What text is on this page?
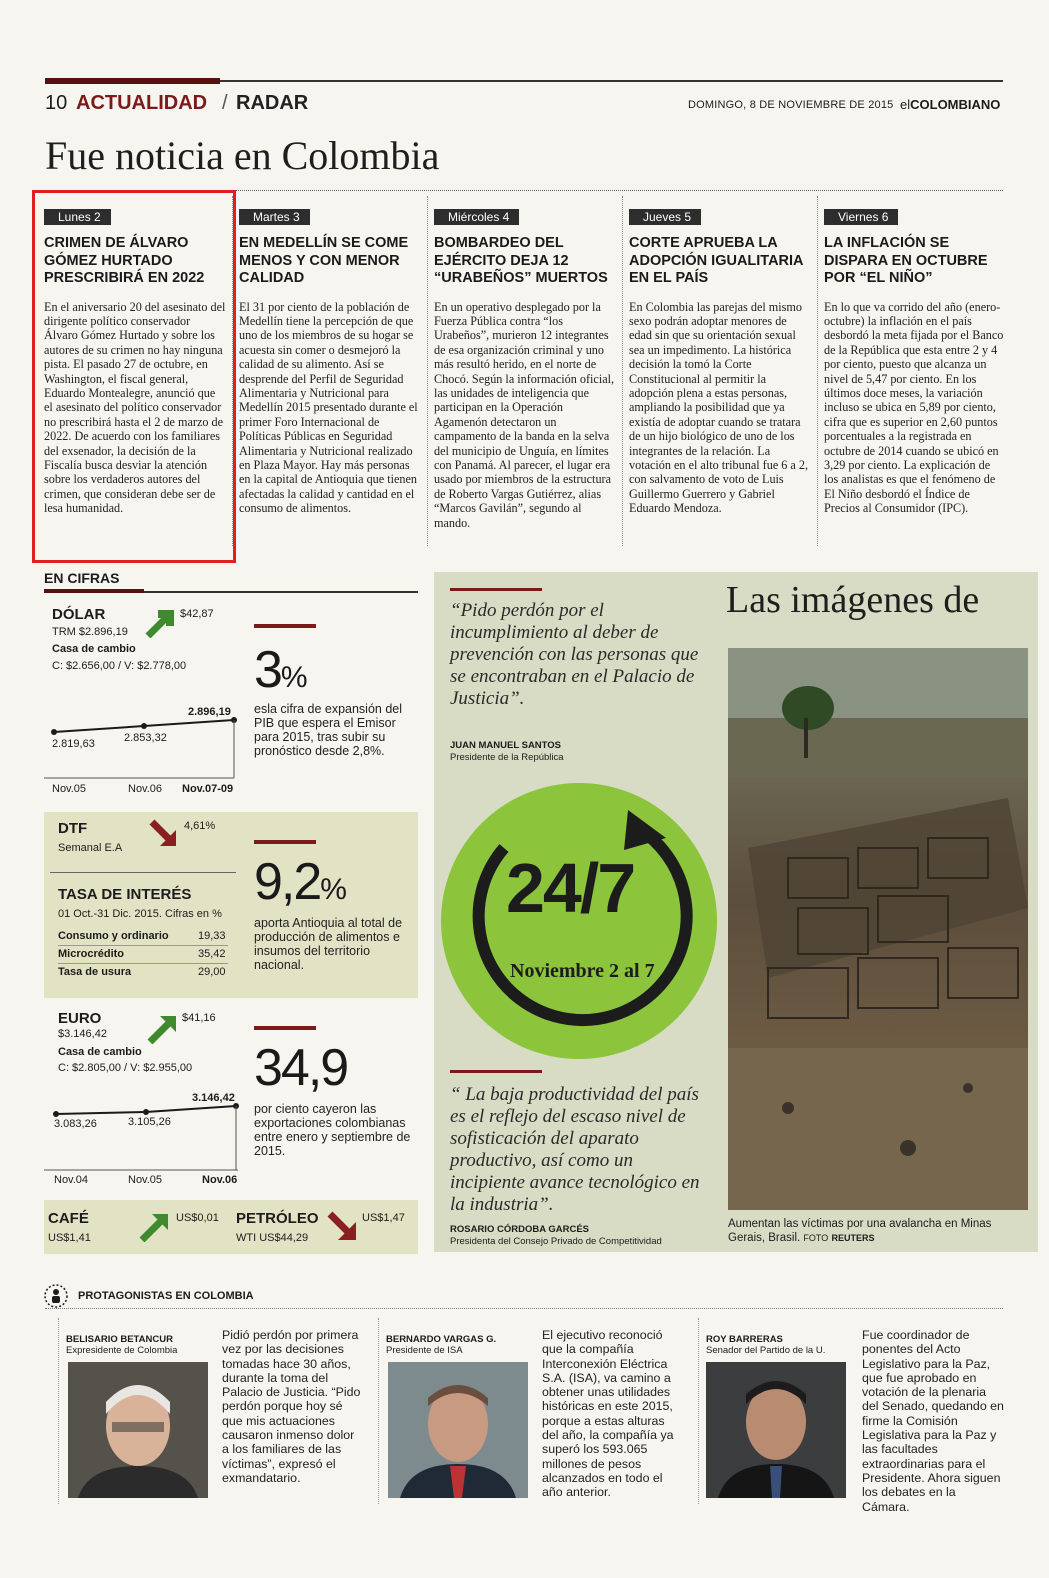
10 ACTUALIDAD / RADAR	DOMINGO, 8 DE NOVIEMBRE DE 2015 elCOLOMBIANO
Fue noticia en Colombia
Lunes 2
CRIMEN DE ÁLVARO GÓMEZ HURTADO PRESCRIBIRÁ EN 2022
En el aniversario 20 del asesinato del dirigente político conservador Álvaro Gómez Hurtado y sobre los autores de su crimen no hay ninguna pista. El pasado 27 de octubre, en Washington, el fiscal general, Eduardo Montealegre, anunció que el asesinato del político conservador no prescribirá hasta el 2 de marzo de 2022. De acuerdo con los familiares del exsenador, la decisión de la Fiscalía busca desviar la atención sobre los verdaderos autores del crimen, que consideran debe ser de lesa humanidad.
Martes 3
EN MEDELLÍN SE COME MENOS Y CON MENOR CALIDAD
El 31 por ciento de la población de Medellín tiene la percepción de que uno de los miembros de su hogar se acuesta sin comer o desmejoró la calidad de su alimento. Así se desprende del Perfil de Seguridad Alimentaria y Nutricional para Medellín 2015 presentado durante el primer Foro Internacional de Políticas Públicas en Seguridad Alimentaria y Nutricional realizado en Plaza Mayor. Hay más personas en la capital de Antioquia que tienen afectadas la calidad y cantidad en el consumo de alimentos.
Miércoles 4
BOMBARDEO DEL EJÉRCITO DEJA 12 “URABEÑOS” MUERTOS
En un operativo desplegado por la Fuerza Pública contra “los Urabeños”, murieron 12 integrantes de esa organización criminal y uno más resultó herido, en el norte de Chocó. Según la información oficial, las unidades de inteligencia que participan en la Operación Agamenón detectaron un campamento de la banda en la selva del municipio de Unguía, en límites con Panamá. Al parecer, el lugar era usado por miembros de la estructura de Roberto Vargas Gutiérrez, alias “Marcos Gavilán”, segundo al mando.
Jueves 5
CORTE APRUEBA LA ADOPCIÓN IGUALITARIA EN EL PAÍS
En Colombia las parejas del mismo sexo podrán adoptar menores de edad sin que su orientación sexual sea un impedimento. La histórica decisión la tomó la Corte Constitucional al permitir la adopción plena a estas personas, ampliando la posibilidad que ya existía de adoptar cuando se tratara de un hijo biológico de uno de los integrantes de la relación. La votación en el alto tribunal fue 6 a 2, con salvamento de voto de Luis Guillermo Guerrero y Gabriel Eduardo Mendoza.
Viernes 6
LA INFLACIÓN SE DISPARA EN OCTUBRE POR “EL NIÑO”
En lo que va corrido del año (enero-octubre) la inflación en el país desbordó la meta fijada por el Banco de la República que esta entre 2 y 4 por ciento, puesto que alcanza un nivel de 5,47 por ciento. En los últimos doce meses, la variación incluso se ubica en 5,89 por ciento, cifra que es superior en 2,60 puntos porcentuales a la registrada en octubre de 2014 cuando se ubicó en 3,29 por ciento. La explicación de los analistas es que el fenómeno de El Niño desbordó el Índice de Precios al Consumidor (IPC).
EN CIFRAS
DÓLAR	$42,87
TRM $2.896,19
Casa de cambio
C: $2.656,00 / V: $2.778,00
2.819,63	2.853,32
2.896,19
Nov.05	Nov.06 Nov.07-09
3%
esla cifra de expansión del PIB que espera el Emisor para 2015, tras subir su pronóstico desde 2,8%.
DTF
Semanal E.A
4,61%
TASA DE INTERÉS
01 Oct.-31 Dic. 2015. Cifras en %
Consumo y ordinario	19,33
Microcrédito	35,42
Tasa de usura	29,00
9,2%
aporta Antioquia al total de producción de alimentos e insumos del territorio nacional.
EURO
$3.146,42
$41,16
Casa de cambio
C: $2.805,00 / V: $2.955,00
3.083,26	3.105,26
3.146,42
Nov.04	Nov.05	Nov.06
34,9
por ciento cayeron las exportaciones colombianas entre enero y septiembre de 2015.
CAFÉ
US$1,41
US$0,01 PETRÓLEO
WTI US$44,29
US$1,47
“Pido perdón por el incumplimiento al deber de prevención con las personas que se encontraban en el Palacio de Justicia”.
JUAN MANUEL SANTOS
Presidente de la República
24/7
Noviembre 2 al 7
“ La baja productividad del país es el reflejo del escaso nivel de sofisticación del aparato productivo, así como un incipiente avance tecnológico en la industria”.
ROSARIO CÓRDOBA GARCÉS
Presidenta del Consejo Privado de Competitividad
Las imágenes de
Aumentan las víctimas por una avalancha en Minas Gerais, Brasil. FOTO REUTERS
PROTAGONISTAS EN COLOMBIA
BELISARIO BETANCUR
Expresidente de Colombia
Pidió perdón por primera vez por las decisiones tomadas hace 30 años, durante la toma del Palacio de Justicia. “Pido perdón porque hoy sé que mis actuaciones causaron inmenso dolor a los familiares de las víctimas”, expresó el exmandatario.
BERNARDO VARGAS G.
Presidente de ISA
El ejecutivo reconoció que la compañía Interconexión Eléctrica S.A. (ISA), va camino a obtener unas utilidades históricas en este 2015, porque a estas alturas del año, la compañía ya superó los 593.065 millones de pesos alcanzados en todo el año anterior.
ROY BARRERAS
Senador del Partido de la U.
Fue coordinador de ponentes del Acto Legislativo para la Paz, que fue aprobado en votación de la plenaria del Senado, quedando en firme la Comisión Legislativa para la Paz y las facultades extraordinarias para el Presidente. Ahora siguen los debates en la Cámara.
